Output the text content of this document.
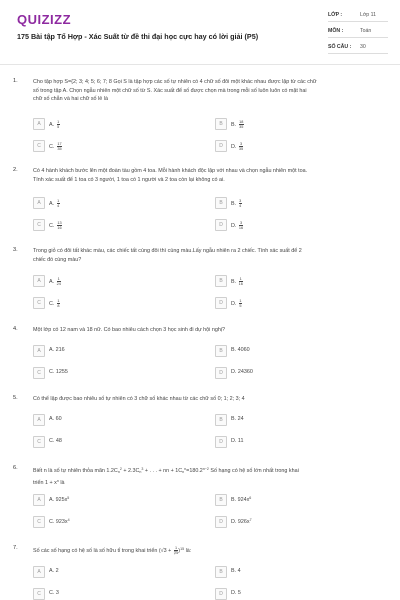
QUIZIZZ
175 Bài tập Tổ Hợp - Xác Suất từ đề thi đại học cực hay có lời giải (P5)
LỚP :	Lớp 11
MÔN :	Toán
SỐ CÂU : 30
1.	Cho tập hợp S={2; 3; 4; 5; 6; 7; 8 Gọi S là tập hợp các số tự nhiên có 4 chữ số đôi một khác nhau được lập từ các chữ
số trong tập A. Chọn ngẫu nhiên một chữ số từ S. Xác suất để số được chọn mà trong mỗi số luôn luôn có mặt hai
chữ số chẵn và hai chữ số lẻ là
A	A. $\frac{1}{5}$	B	B. $\frac{18}{35}$
C	C. $\frac{17}{35}$	D	D. $\frac{3}{35}$
2.	Có 4 hành khách bước lên một đoàn tàu gồm 4 toa. Mỗi hành khách độc lập với nhau và chọn ngẫu nhiên một toa.
Tính xác suất để 1 toa có 3 người, 1 toa có 1 người và 2 toa còn lại không có ai.
A	A. $\frac{1}{4}$	B	B. $\frac{3}{4}$
C	C. $\frac{13}{16}$	D	D. $\frac{3}{16}$
3.	Trong giỏ có đôi tất khác màu, các chiếc tất cùng đôi thì cùng màu.Lấy ngẫu nhiên ra 2 chiếc. Tính xác suất để 2
chiếc đó cùng màu?
A	A. $\frac{1}{24}$	B	B. $\frac{1}{16}$
C	C. $\frac{1}{8}$	D	D. $\frac{1}{5}$
4.	Một lớp có 12 nam và 18 nữ. Có bao nhiêu cách chọn 3 học sinh đi dự hội nghị?
A	A. 216	B	B. 4060
C	C. 1255	D	D. 24360
5.	Có thể lập được bao nhiêu số tự nhiên có 3 chữ số khác nhau từ các chữ số 0; 1; 2; 3; 4
A	A. 60	B	B. 24
C	C. 48	D	D. 11
6.	Biết n là số tự nhiên thỏa mãn $1.2C_n^2 + 2.3C_n^3$ + . . . + nn + $1C_n^n=180.2^{n-2}$ Số hạng có hệ số lớn nhất trong khai
triển $1 + x^n$ là
A	A. $925x^5$	B	B. $924x^6$
C	C. $923x^4$	D	D. $926x^7$
7.	Số các số hạng có hệ số là số hữu tỉ trong khai triển $(√3 + \frac{1}{∛5} )^{15}$ là:
A	A. 2	B	B. 4
C	C. 3	D	D. 5
